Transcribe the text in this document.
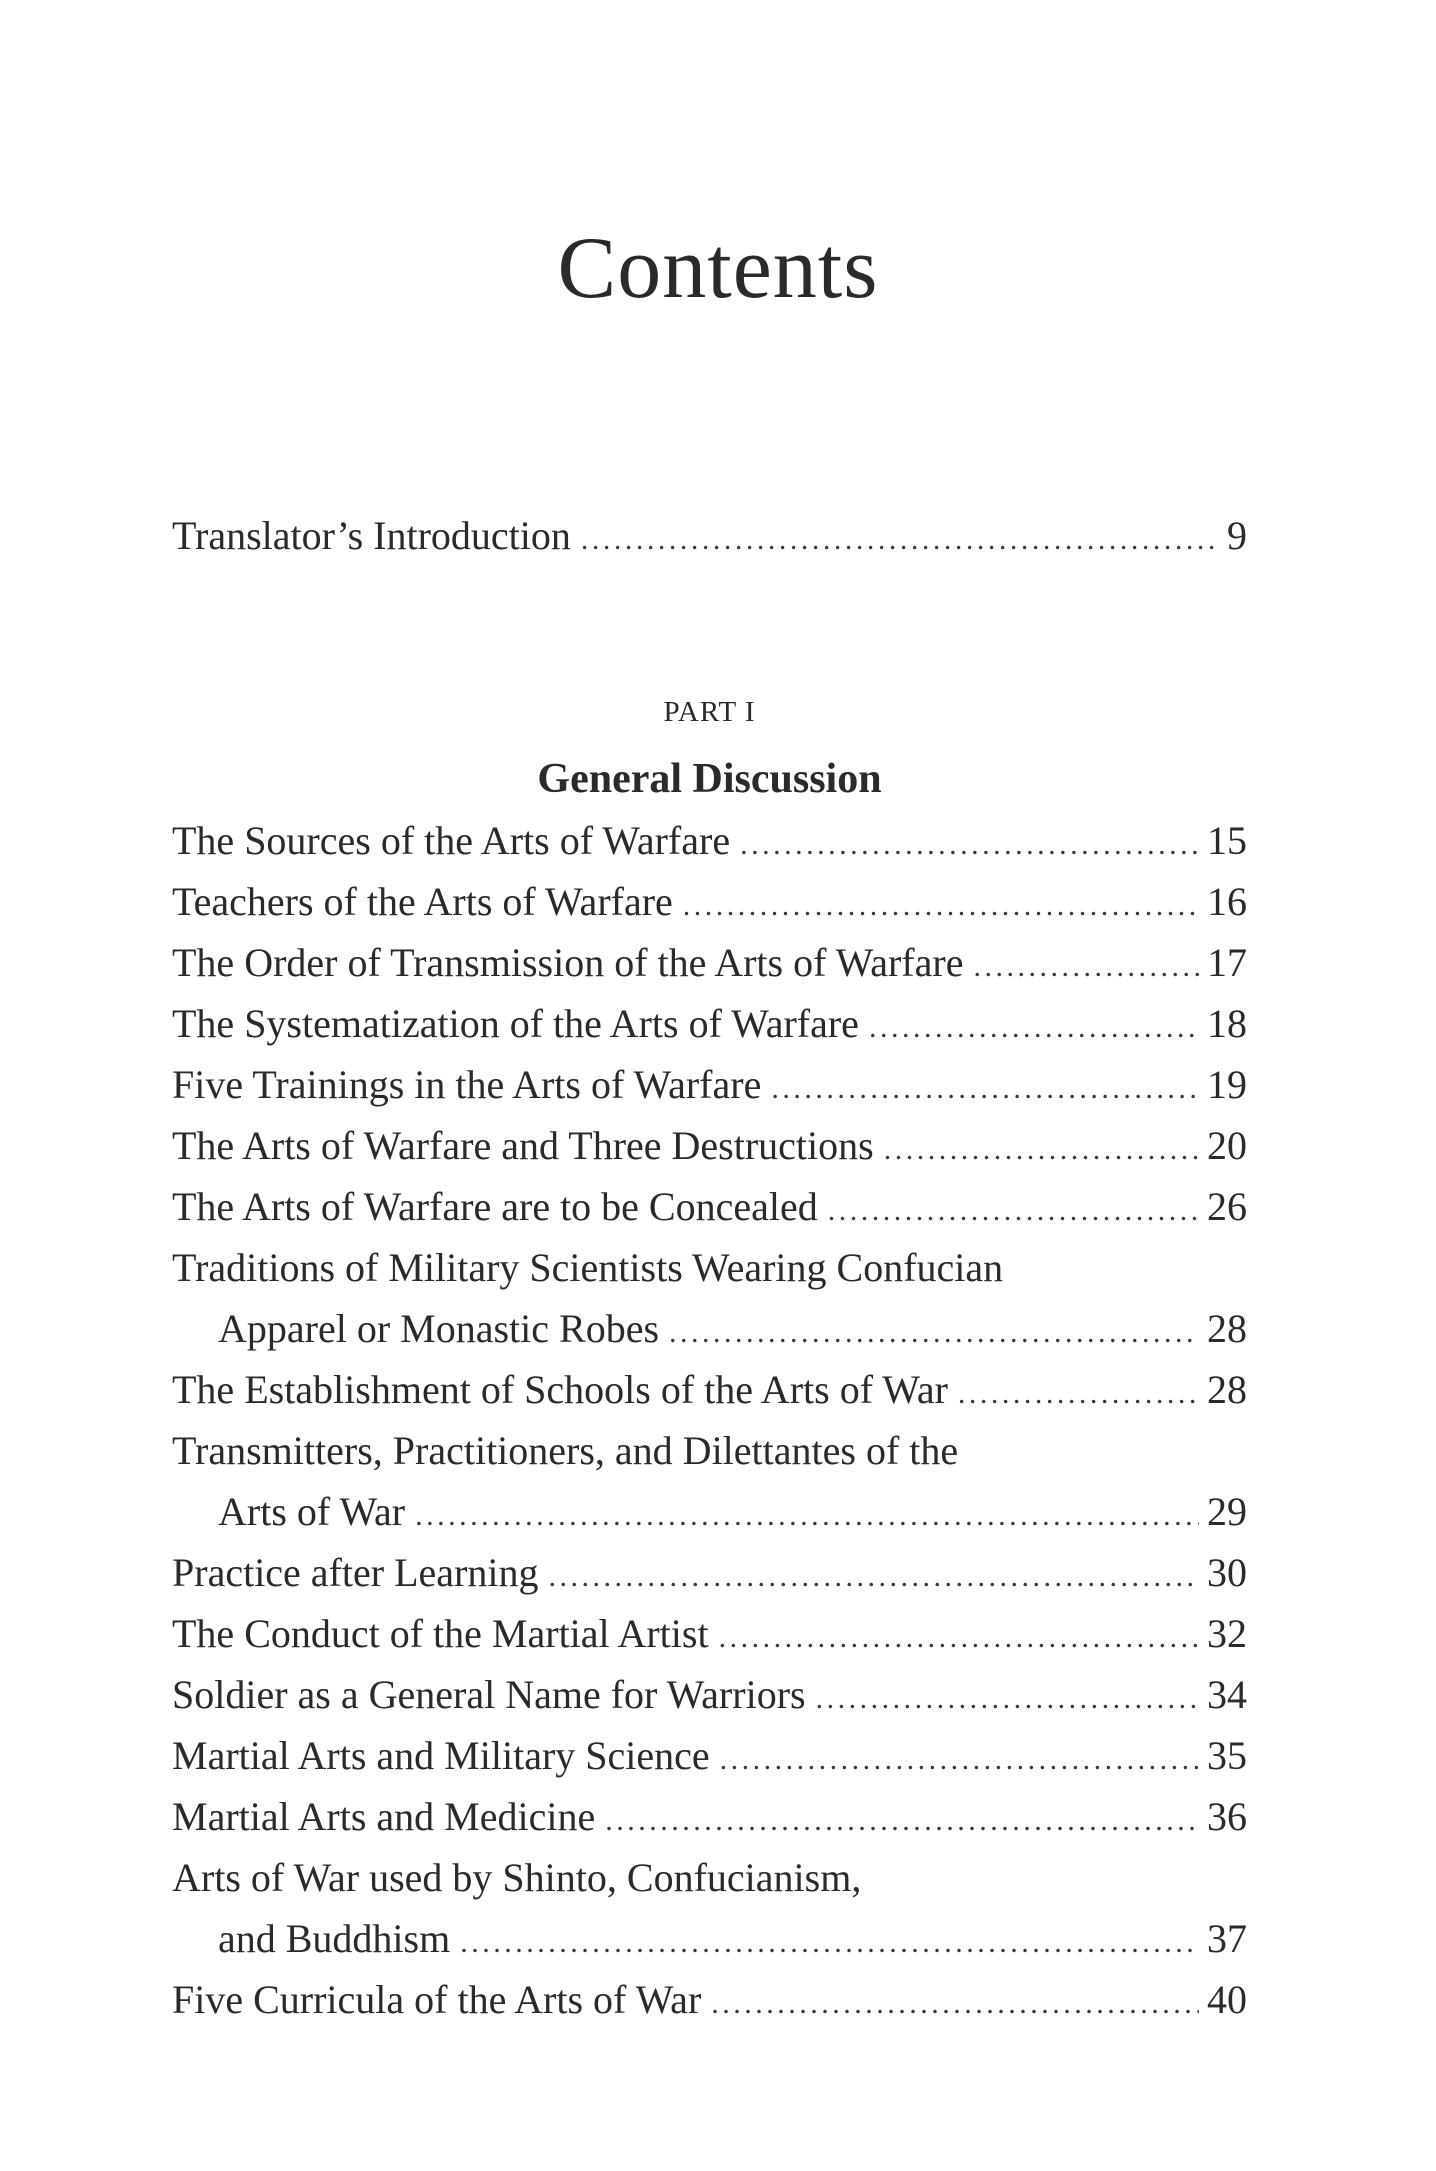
Contents
Translator’s Introduction . . .	9
PART I
General Discussion
The Sources of the Arts of Warfare . . .	15
Teachers of the Arts of Warfare . . .	16
The Order of Transmission of the Arts of Warfare . . .	17
The Systematization of the Arts of Warfare . . .	18
Five Trainings in the Arts of Warfare . . .	19
The Arts of Warfare and Three Destructions . . .	20
The Arts of Warfare are to be Concealed . . .	26
Traditions of Military Scientists Wearing Confucian
Apparel or Monastic Robes . . .	28
The Establishment of Schools of the Arts of War . . .	28
Transmitters, Practitioners, and Dilettantes of the
Arts of War . . .	29
Practice after Learning . . .	30
The Conduct of the Martial Artist . . .	32
Soldier as a General Name for Warriors . . .	34
Martial Arts and Military Science . . .	35
Martial Arts and Medicine . . .	36
Arts of War used by Shinto, Confucianism,
and Buddhism . . .	37
Five Curricula of the Arts of War . . .	40
